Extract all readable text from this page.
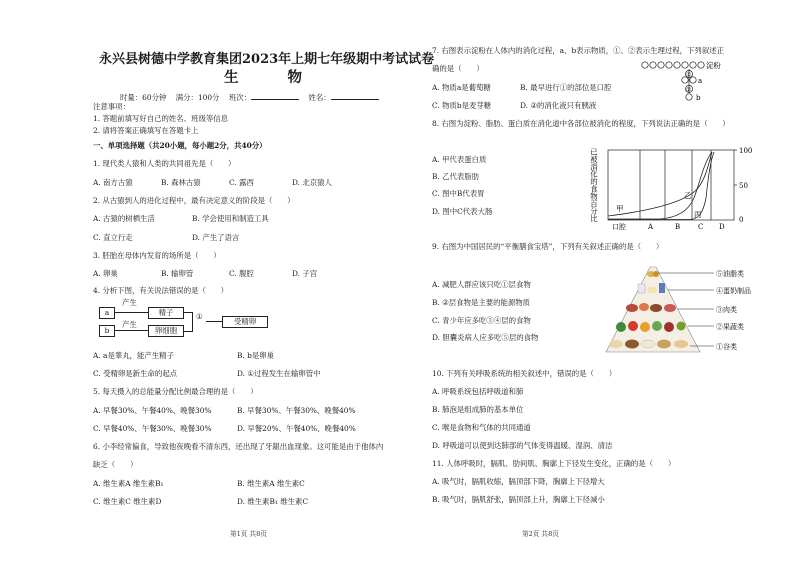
永兴县树德中学教育集团2023年上期七年级期中考试试卷
生 物
时量：60分钟 满分：100分 班次：	姓名：
注意事项：
1. 答题前填写好自己的姓名、班级等信息
2. 请将答案正确填写在答题卡上
一、单项选择题（共20小题，每小题2分，共40分）
1. 现代类人猿和人类的共同祖先是（　　）
A. 南方古猿	B. 森林古猿	C. 露西	D. 北京猿人
2. 从古猿到人的进化过程中，最有决定意义的阶段是（　　）
A. 古猿的树栖生活	B. 学会使用和制造工具
C. 直立行走	D. 产生了语言
3. 胚胎在母体内发育的场所是（　　）
A. 卵巢	B. 输卵管	C. 腹腔	D. 子宫
4. 分析下图，有关说法错误的是（　　）
a
b
产生
产生
精子
卵细胞
①
受精卵
A. a是睾丸，能产生精子	B. b是卵巢
C. 受精卵是新生命的起点	D. ①过程发生在输卵管中
5. 每天摄入的总能量分配比例最合理的是（　　）
A. 早餐30%、午餐40%、晚餐30%	B. 早餐30%、午餐30%、晚餐40%
C. 早餐40%、午餐30%、晚餐30%	D. 早餐20%、午餐40%、晚餐40%
6. 小李经常偏食，导致他夜晚看不清东西，还出现了牙龈出血现象。这可能是由于他体内
缺乏（　　）
A. 维生素A 维生素B₁	B. 维生素A 维生素C
C. 维生素C 维生素D	D. 维生素B₁ 维生素C
第1页 共8页
7. 右图表示淀粉在人体内的消化过程，a、b表示物质，①、②表示生理过程，下列叙述正
确的是（　　）	淀粉
①
②
a
b
A. 物质a是葡萄糖	B. 最早进行①的部位是口腔
C. 物质b是麦芽糖	D. ②的消化液只有胰液
8. 右图为淀粉、脂肪、蛋白质在消化道中各部位被消化的程度，下列说法正确的是（　　）
A. 甲代表蛋白质
B. 乙代表脂肪
C. 图中B代表胃
D. 图中C代表大肠	已被消化的食物百分比 甲
乙
丙
100
50
0
口腔	A	B	C D
9. 右图为中国居民的“平衡膳食宝塔”，下列有关叙述正确的是（　　）
A. 减肥人群应该只吃①层食物
B. ②层食物是主要的能源物质
C. 青少年应多吃③④层的食物
D. 胆囊炎病人应多吃⑤层的食物
⑤油脂类
④蛋奶制品
③肉类
②果蔬类
①谷类
10. 下列有关呼吸系统的相关叙述中，错误的是（　　）
A. 呼吸系统包括呼吸道和肺
B. 肺泡是组成肺的基本单位
C. 喉是食物和气体的共同通道
D. 呼吸道可以使到达肺部的气体变得温暖、湿润、清洁
11. 人体呼吸时，膈肌、肋间肌、胸廓上下径发生变化，正确的是（　　）
A. 吸气时，膈肌收缩，膈顶部下降，胸廓上下径增大
B. 吸气时，膈肌舒张，膈顶部上升，胸廓上下径减小
第2页 共8页
